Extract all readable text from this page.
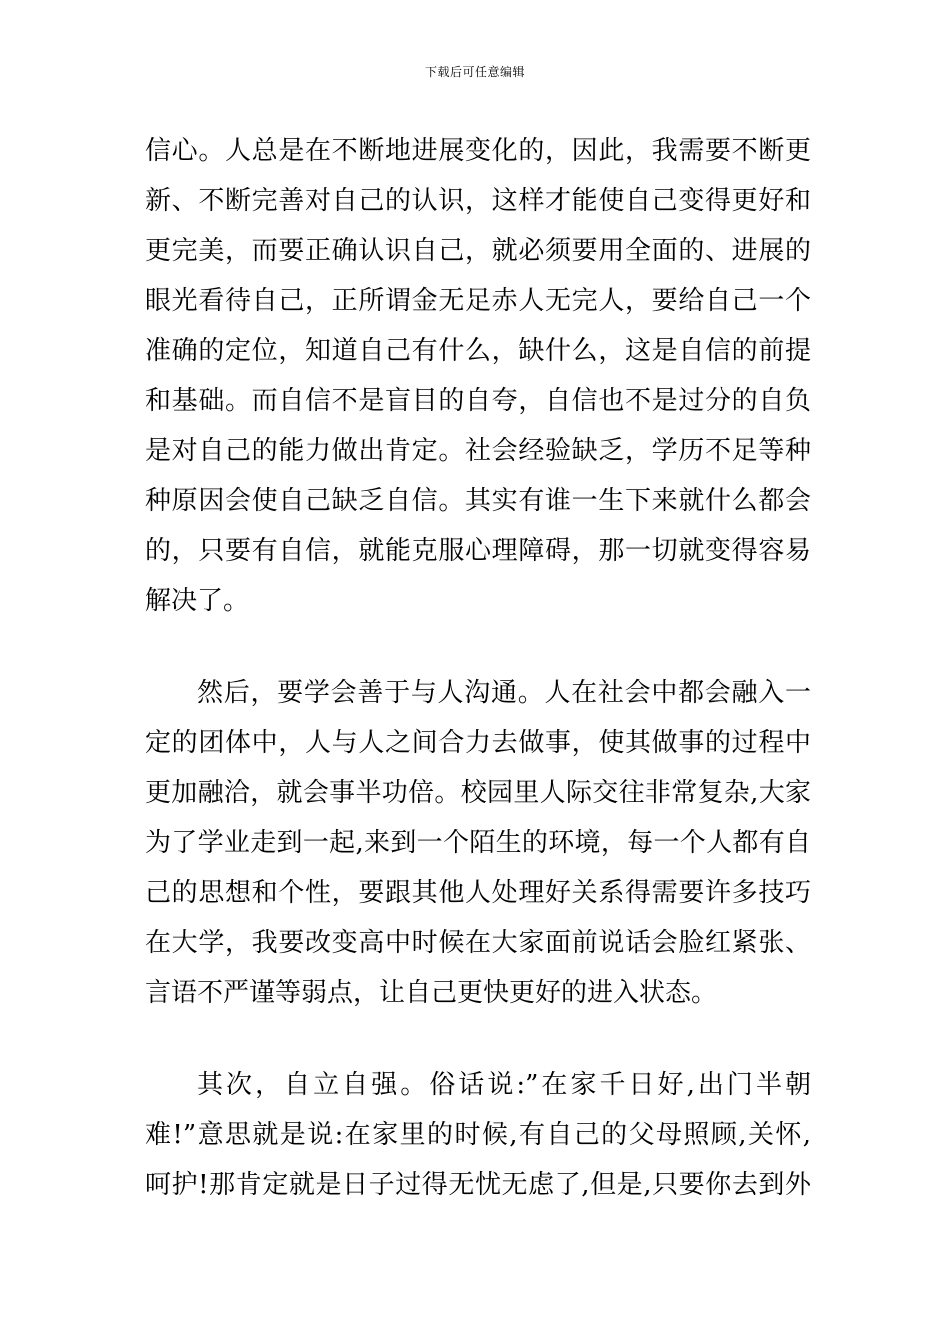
下载后可任意编辑
信心。人总是在不断地进展变化的，因此，我需要不断更
新、不断完善对自己的认识，这样才能使自己变得更好和
更完美，而要正确认识自己，就必须要用全面的、进展的
眼光看待自己，正所谓金无足赤人无完人，要给自己一个
准确的定位，知道自己有什么，缺什么，这是自信的前提
和基础。而自信不是盲目的自夸，自信也不是过分的自负
是对自己的能力做出肯定。社会经验缺乏，学历不足等种
种原因会使自己缺乏自信。其实有谁一生下来就什么都会
的，只要有自信，就能克服心理障碍，那一切就变得容易
解决了。
然后，要学会善于与人沟通。人在社会中都会融入一
定的团体中，人与人之间合力去做事，使其做事的过程中
更加融洽，就会事半功倍。校园里人际交往非常复杂,大家
为了学业走到一起,来到一个陌生的环境，每一个人都有自
己的思想和个性，要跟其他人处理好关系得需要许多技巧
在大学，我要改变高中时候在大家面前说话会脸红紧张、
言语不严谨等弱点，让自己更快更好的进入状态。
其次，自立自强。俗话说:”在家千日好,出门半朝
难!”意思就是说:在家里的时候,有自己的父母照顾,关怀,
呵护!那肯定就是日子过得无忧无虑了,但是,只要你去到外
